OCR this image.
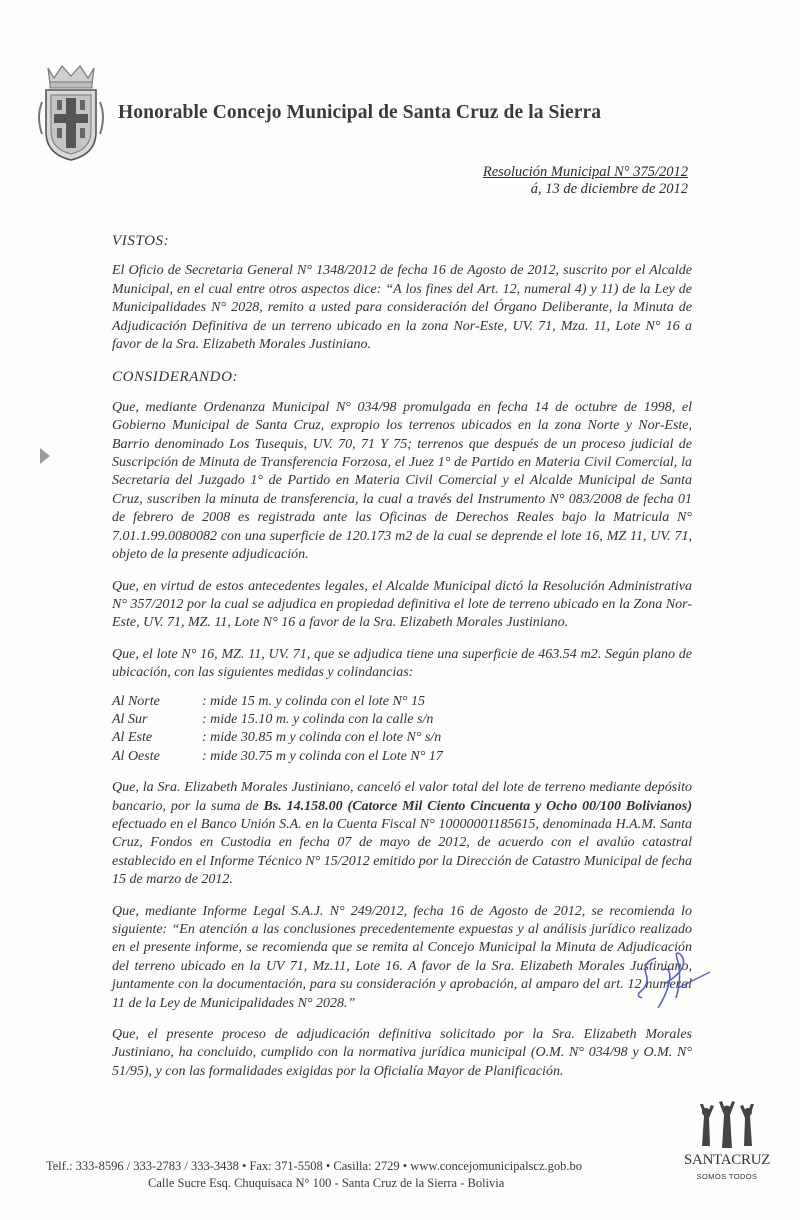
Honorable Concejo Municipal de Santa Cruz de la Sierra
Resolución Municipal N° 375/2012
á, 13 de diciembre de 2012
VISTOS:

El Oficio de Secretaria General N° 1348/2012 de fecha 16 de Agosto de 2012, suscrito por el Alcalde Municipal, en el cual entre otros aspectos dice: “A los fines del Art. 12, numeral 4) y 11) de la Ley de Municipalidades N° 2028, remito a usted para consideración del Órgano Deliberante, la Minuta de Adjudicación Definitiva de un terreno ubicado en la zona Nor-Este, UV. 71, Mza. 11, Lote N° 16 a favor de la Sra. Elizabeth Morales Justiniano.

CONSIDERANDO:

Que, mediante Ordenanza Municipal N° 034/98 promulgada en fecha 14 de octubre de 1998, el Gobierno Municipal de Santa Cruz, expropio los terrenos ubicados en la zona Norte y Nor-Este, Barrio denominado Los Tusequis, UV. 70, 71 Y 75; terrenos que después de un proceso judicial de Suscripción de Minuta de Transferencia Forzosa, el Juez 1° de Partido en Materia Civil Comercial, la Secretaria del Juzgado 1° de Partido en Materia Civil Comercial y el Alcalde Municipal de Santa Cruz, suscriben la minuta de transferencia, la cual a través del Instrumento N° 083/2008 de fecha 01 de febrero de 2008 es registrada ante las Oficinas de Derechos Reales bajo la Matricula N° 7.01.1.99.0080082 con una superficie de 120.173 m2 de la cual se deprende el lote 16, MZ 11, UV. 71, objeto de la presente adjudicación.

Que, en virtud de estos antecedentes legales, el Alcalde Municipal dictó la Resolución Administrativa N° 357/2012 por la cual se adjudica en propiedad definitiva el lote de terreno ubicado en la Zona Nor-Este, UV. 71, MZ. 11, Lote N° 16 a favor de la Sra. Elizabeth Morales Justiniano.

Que, el lote N° 16, MZ. 11, UV. 71, que se adjudica tiene una superficie de 463.54 m2. Según plano de ubicación, con las siguientes medidas y colindancias:

Al Norte	: mide 15 m. y colinda con el lote N° 15
Al Sur	: mide 15.10 m. y colinda con la calle s/n
Al Este	: mide 30.85 m y colinda con el lote N° s/n
Al Oeste	: mide 30.75 m y colinda con el Lote N° 17

Que, la Sra. Elizabeth Morales Justiniano, canceló el valor total del lote de terreno mediante depósito bancario, por la suma de Bs. 14.158.00 (Catorce Mil Ciento Cincuenta y Ocho 00/100 Bolivianos) efectuado en el Banco Unión S.A. en la Cuenta Fiscal N° 10000001185615, denominada H.A.M. Santa Cruz, Fondos en Custodia en fecha 07 de mayo de 2012, de acuerdo con el avalúo catastral establecido en el Informe Técnico N° 15/2012 emitido por la Dirección de Catastro Municipal de fecha 15 de marzo de 2012.

Que, mediante Informe Legal S.A.J. N° 249/2012, fecha 16 de Agosto de 2012, se recomienda lo siguiente: “En atención a las conclusiones precedentemente expuestas y al análisis jurídico realizado en el presente informe, se recomienda que se remita al Concejo Municipal la Minuta de Adjudicación del terreno ubicado en la UV 71, Mz.11, Lote 16. A favor de la Sra. Elizabeth Morales Justiniano, juntamente con la documentación, para su consideración y aprobación, al amparo del art. 12 numeral 11 de la Ley de Municipalidades N° 2028.”

Que, el presente proceso de adjudicación definitiva solicitado por la Sra. Elizabeth Morales Justiniano, ha concluido, cumplido con la normativa jurídica municipal (O.M. N° 034/98 y O.M. N° 51/95), y con las formalidades exigidas por la Oficialía Mayor de Planificación.

Telf.: 333-8596 / 333-2783 / 333-3438 • Fax: 371-5508 • Casilla: 2729 • www.concejomunicipalscz.gob.bo
Calle Sucre Esq. Chuquisaca N° 100 - Santa Cruz de la Sierra - Bolivia
SANTACRUZ
SOMOS TODOS
